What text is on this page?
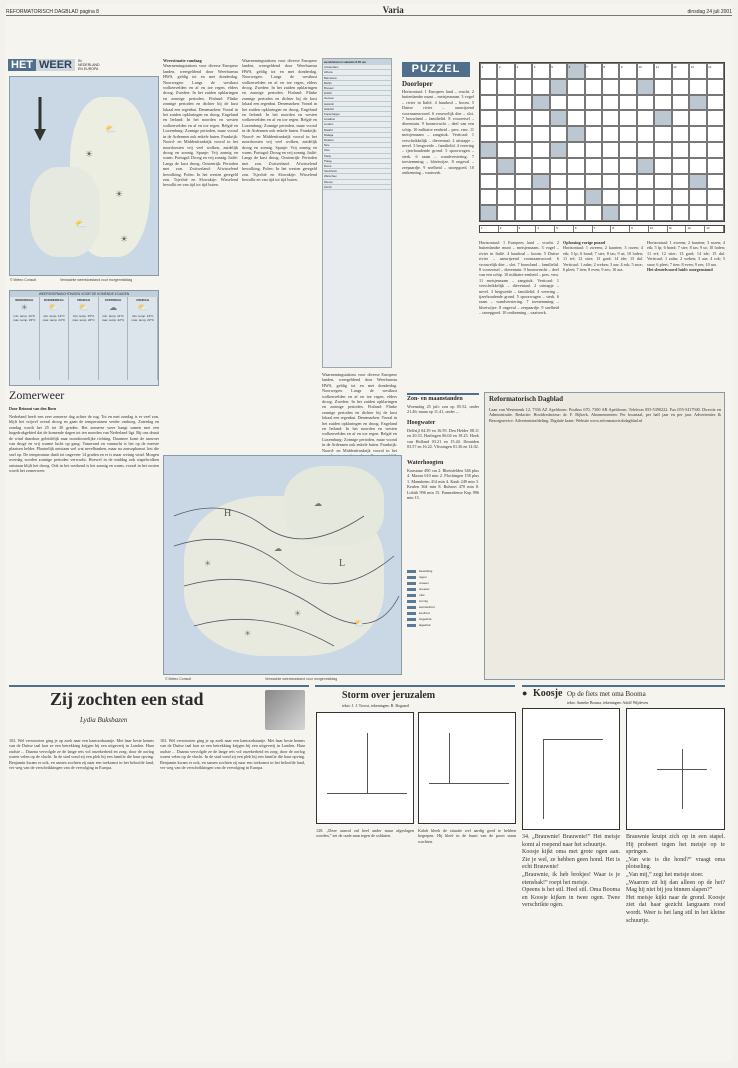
REFORMATORISCH DAGBLAD pagina 8	Varia	dinsdag 24 juli 2001
HET WEER	IN NEDERLAND EN EUROPA
☀
☀
⛅
☀
⛅
© Meteo Consult	Verwachte weerstoestand voor morgenmiddag
WEERSVERWACHTINGEN VOOR DE KOMENDE 5 DAGEN
WOENSDAG
☀
min. temp. 13°C max. temp. 23°C
DONDERDAG
⛅
min. temp. 14°C max. temp. 24°C
VRIJDAG
⛅
min. temp. 15°C max. temp. 24°C
ZATERDAG
☁
min. temp. 14°C max. temp. 22°C
ZONDAG
⛅
min. temp. 13°C max. temp. 23°C
Zomerweer
Door Reinout van den Born
Nederland heeft een zeer zomerse dag achter de rug. Tot en met zondag is er veel zon, blijft het vrijwel overal droog en gaan de temperaturen verder omhoog. Zaterdag en zondag wordt het 25 tot 30 graden. Het zomerse weer hangt samen met een hogedrukgebied dat de komende dagen tot ten noorden van Nederland ligt. Bij ons draait de wind daardoor geleidelijk naar noordoostelijke richting. Daarmee komt de aanvoer van droge en vrij warme lucht op gang. Vanavond en vannacht is het op de meeste plaatsen helder. Plaatselijk ontstaan wel wat nevelbanken, maar na zonsopkomst lost die snel op. De temperatuur daalt tot ongeveer 14 graden en er is maar weinig wind. Morgen overdag worden zonnige perioden verwacht. Hoewel in de middag ook stapelwolken ontstaan blijft het droog. Ook in het weekend is het zonnig en warm, vooral in het oosten wordt het zomerweer.
Weersituatie vandaag
Waarnemingstations voor diverse Europese landen, weergeldend door Weerbureau HWS, geldig tot en met donderdag. Noorwegen: Langs de westkust wolkenvelden en af en toe regen, elders droog. Zweden: In het zuiden opklaringen en zonnige perioden. Finland: Flinke zonnige perioden en dichter bij de kust lokaal een regenbui. Denemarken: Vooral in het zuiden opklaringen en droog. Engeland en Ierland: In het noorden en westen wolkenvelden en af en toe regen. België en Luxemburg: Zonnige perioden, maar vooral in de Ardennen ook enkele buien. Frankrijk: Noord- en Middenfrankrijk vooral in het noordoosten vrij veel wolken, zuidelijk droog en zonnig. Spanje: Vrij zonnig en warm. Portugal: Droog en vrij zonnig. Italië: Langs de kust droog. Oostenrijk: Perioden met zon. Zwitserland: Afwisselend bewolking. Polen: In het westen geregeld zon. Tsjechië en Slowakije: Wisselend bewolkt en van tijd tot tijd buien.
Waarnemingstations voor diverse Europese landen, weergeldend door Weerbureau HWS, geldig tot en met donderdag. Noorwegen: Langs de westkust wolkenvelden en af en toe regen, elders droog. Zweden: In het zuiden opklaringen en zonnige perioden. Finland: Flinke zonnige perioden en dichter bij de kust lokaal een regenbui. Denemarken: Vooral in het zuiden opklaringen en droog. Engeland en Ierland: In het noorden en westen wolkenvelden en af en toe regen. België en Luxemburg: Zonnige perioden, maar vooral in de Ardennen ook enkele buien. Frankrijk: Noord- en Middenfrankrijk vooral in het noordoosten vrij veel wolken, zuidelijk droog en zonnig. Spanje: Vrij zonnig en warm. Portugal: Droog en vrij zonnig. Italië: Langs de kust droog. Oostenrijk: Perioden met zon. Zwitserland: Afwisselend bewolking. Polen: In het westen geregeld zon. Tsjechië en Slowakije: Wisselend bewolkt en van tijd tot tijd buien.
wereldstad en vakantie 8:00 uur
Amsterdam
Athene
Barcelona
Berlijn
Brussel
Dublin
Genève
Helsinki
Istanbul
Kopenhagen
Lissabon
Londen
Madrid
Malaga
Moskou
Nice
Oslo
Parijs
Praag
Rome
Stockholm
Warschau
Wenen
Zürich
Waarnemingstations voor diverse Europese landen, weergeldend door Weerbureau HWS, geldig tot en met donderdag. Noorwegen: Langs de westkust wolkenvelden en af en toe regen, elders droog. Zweden: In het zuiden opklaringen en zonnige perioden. Finland: Flinke zonnige perioden en dichter bij de kust lokaal een regenbui. Denemarken: Vooral in het zuiden opklaringen en droog. Engeland en Ierland: In het noorden en westen wolkenvelden en af en toe regen. België en Luxemburg: Zonnige perioden, maar vooral in de Ardennen ook enkele buien. Frankrijk: Noord- en Middenfrankrijk vooral in het
PUZZEL
Doorloper
Horizontaal: 1 Europees land – vrucht. 2 buitenlandse munt – meisjesnaam. 3 vogel – rivier in Italië. 4 haarkrul – boom. 5 Duitse rivier – aanwijzend voornaamwoord. 6 vrouwelijk dier – slot. 7 bouwland – familielid. 8 voorzetsel – dierentuin. 9 boomvrucht – deel van een schip. 10 militaire eenheid – pers. vnw. 11 meisjesnaam – zangstuk. Verticaal: 1 verschrikkelijk – dieventaal. 2 uitstapje – nevel. 3 bergweide – familielid. 4 verering – ijzerhoudende grond. 5 spoorwagen – sterk. 6 raam – wandversiering. 7 toestemming – bloeiwijze. 8 ongeval – zeepaardje. 9 snelheid – snoepgoed. 10 ontkenning – vaatwerk.
1	2	3	4	5	6	7	8	9	10	11	12	13	14
1	2	3	4	5	6	7	8	9	10	11	12	13
Horizontaal: 1 Europees land – vrucht. 2 buitenlandse munt – meisjesnaam. 3 vogel – rivier in Italië. 4 haarkrul – boom. 5 Duitse rivier – aanwijzend voornaamwoord. 6 vrouwelijk dier – slot. 7 bouwland – familielid. 8 voorzetsel – dierentuin. 9 boomvrucht – deel van een schip. 10 militaire eenheid – pers. vnw. 11 meisjesnaam – zangstuk. Verticaal: 1 verschrikkelijk – dieventaal. 2 uitstapje – nevel. 3 bergweide – familielid. 4 verering – ijzerhoudende grond. 5 spoorwagen – sterk. 6 raam – wandversiering. 7 toestemming – bloeiwijze. 8 ongeval – zeepaardje. 9 snelheid – snoepgoed. 10 ontkenning – vaatwerk.
Oplossing vorige puzzel
Horizontaal: 1 zweem; 2 kaarten; 3 rozen; 4 eik; 5 lp; 6 bond; 7 ster; 8 tas; 9 ut; 10 loden; 11 erf; 12 stier; 13 gard; 14 ide; 15 dal. Verticaal: 1 zalm; 2 weken; 3 aar; 4 rok; 5 snor; 6 pleet; 7 tien; 8 even; 9 zes; 10 ara.
Horizontaal: 1 zweem; 2 kaarten; 3 rozen; 4 eik; 5 lp; 6 bond; 7 ster; 8 tas; 9 ut; 10 loden; 11 erf; 12 stier; 13 gard; 14 ide; 15 dal. Verticaal: 1 zalm; 2 weken; 3 aar; 4 rok; 5 snor; 6 pleet; 7 tien; 8 even; 9 zes; 10 ara.
Het sleutelwoord luidt: morgenstond
H
L
☀
☁
☀
☀
⛅
☁
© Meteo Consult	Verwachte weerstoestand voor morgenmiddag
Zon- en maanstanden
Woensdag 25 juli: zon op 05.52, onder 21.46; maan op 11.41, onder –.
Hoogwater
Delfzijl 04.39 en 16.59. Den Helder 08.11 en 20.33. Harlingen 06.04 en 18.25. Hoek van Holland 03.21 en 15.44. IJmuiden 03.57 en 16.22. Vlissingen 01.36 en 14.02.
Waterhoogten
Konstanz 490 cm 2. Rheinfelden 346 plus 4. Maxau 610 min 2. Plochingen 158 plus 1. Mannheim 414 min 4. Kaub 249 min 3. Keulen 364 min 8. Ruhrort 470 min 8. Lobith 996 min 15. Pannerdense Kop 996 min 15.
bewolking
regen
onweer
sneeuw
mist
zonnig
warmtefront
koufront
hogedruk
lagedruk
Reformatorisch Dagblad
Laan van Westenenk 12, 7336 AZ Apeldoorn. Postbus 670, 7300 AR Apeldoorn. Telefoon 055-5390222. Fax 055-5417940. Directie en Administratie. Redactie: Hoofdredacteur: dr. F. Bijkerk. Abonnementen: Per kwartaal, per half jaar en per jaar. Advertenties & Bezorgservice. Advertentieafdeling. Digitale krant: Website www.reformatorischdagblad.nl
Zij zochten een stad
Lydia Buksbazen
102. Wel verstrooien ging je op zoek naar een kantoorbaantje. Met haar beste kennis van de Duitse taal kon ze een betrekking krijgen bij een uitgeverij in Londen. Haar oudste ... Daarna vervolgde ze de lange reis vol onzekerheid en zorg; door de oorlog waren velen op de vlucht. In de stad vond zij een plek bij een familie die haar opving. Benjamin kwam er ook, en samen zochten zij naar een toekomst in het beloofde land, ver weg van de verschrikkingen van de vervolging in Europa.
102. Wel verstrooien ging je op zoek naar een kantoorbaantje. Met haar beste kennis van de Duitse taal kon ze een betrekking krijgen bij een uitgeverij in Londen. Haar oudste ... Daarna vervolgde ze de lange reis vol onzekerheid en zorg; door de oorlog waren velen op de vlucht. In de stad vond zij een plek bij een familie die haar opving. Benjamin kwam er ook, en samen zochten zij naar een toekomst in het beloofde land, ver weg van de verschrikkingen van de vervolging in Europa.
Storm over jeruzalem
tekst: J. J. Troost, tekeningen: B. Bogaard
128. „Deze aanval zal heel ander maar afgeslagen worden,” zei de oude man tegen de soldaten.
Kalob bleek de situatie wel aardig goed te hebben begrepen. Hij bleef in de buurt van de poort staan wachten.
● Koosje Op de fiets met oma Booma
tekst: Anneke Bosma, tekeningen: Adolf Wijdeven

34. „Brauwnie! Brauwnie!” Het meisje komt al roepend naar het schuurtje.

Koosje kijkt oma met grote ogen aan. Zie je wel, ze hebben geen hond. Het is echt Brauwnie!

„Brauwnie, ik heb brokjes! Waar is je etensbak!” roept het meisje.

Opeens is het stil. Heel stil. Oma Booma en Koosje kijken in twee ogen. Twee verschrikte ogen.

Brauwnie kruipt zich op in een stapel. Hij probeert tegen het meisje op te springen.

„Van wie is die hond?” vraagt oma plotseling.

„Van mij,” zegt het meisje stoer.

„Waarom zit hij dan alleen op de het? Mag hij niet bij jou binnen slapen?”

Het meisje kijkt naar de grond. Koosje ziet dat haar gezicht langzaam rood wordt. Weer is het lang stil in het kleine schuurtje.
